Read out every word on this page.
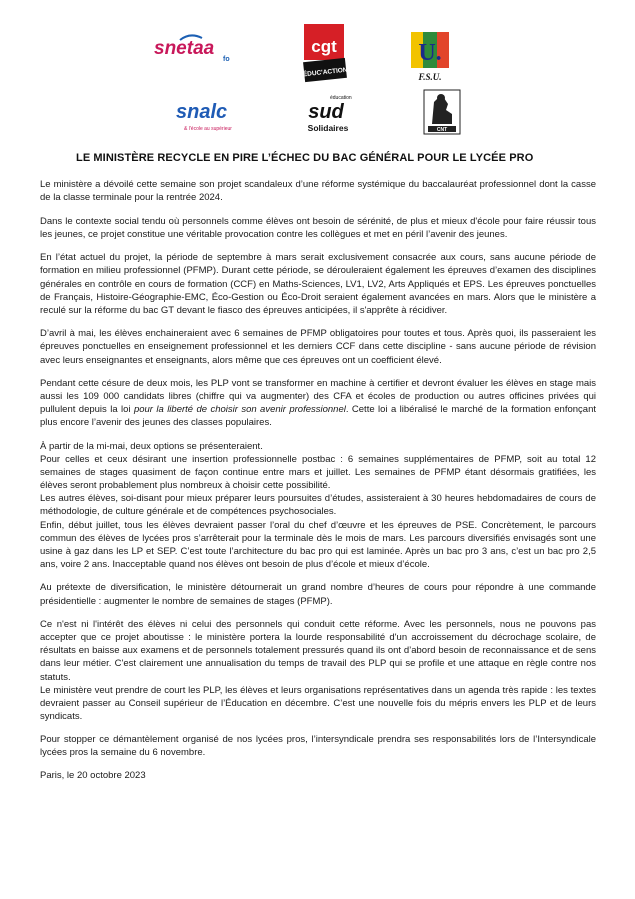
snetaa
fo
cgt
ÉDUC'ACTION
U.
F.S.U.
snalc
& l'école au supérieur
éducation
sud
Solidaires	CNT
LE MINISTÈRE RECYCLE EN PIRE L’ÉCHEC DU BAC GÉNÉRAL POUR LE LYCÉE PRO

Le ministère a dévoilé cette semaine son projet scandaleux d’une réforme systémique du baccalauréat professionnel dont la casse de la classe terminale pour la rentrée 2024.

Dans le contexte social tendu où personnels comme élèves ont besoin de sérénité, de plus et mieux d'école pour faire réussir tous les jeunes, ce projet constitue une véritable provocation contre les collègues et met en péril l’avenir des jeunes.

En l’état actuel du projet, la période de septembre à mars serait exclusivement consacrée aux cours, sans aucune période de formation en milieu professionnel (PFMP). Durant cette période, se dérouleraient également les épreuves d’examen des disciplines générales en contrôle en cours de formation (CCF) en Maths-Sciences, LV1, LV2, Arts Appliqués et EPS. Les épreuves ponctuelles de Français, Histoire-Géographie-EMC, Éco-Gestion ou Éco-Droit seraient également avancées en mars. Alors que le ministère a reculé sur la réforme du bac GT devant le fiasco des épreuves anticipées, il s'apprête à récidiver.

D’avril à mai, les élèves enchaineraient avec 6 semaines de PFMP obligatoires pour toutes et tous. Après quoi, ils passeraient les épreuves ponctuelles en enseignement professionnel et les derniers CCF dans cette discipline - sans aucune période de révision avec leurs enseignantes et enseignants, alors même que ces épreuves ont un coefficient élevé.

Pendant cette césure de deux mois, les PLP vont se transformer en machine à certifier et devront évaluer les élèves en stage mais aussi les 109 000 candidats libres (chiffre qui va augmenter) des CFA et écoles de production ou autres officines privées qui pullulent depuis la loi pour la liberté de choisir son avenir professionnel. Cette loi a libéralisé le marché de la formation enfonçant plus encore l’avenir des jeunes des classes populaires.

À partir de la mi-mai, deux options se présenteraient.

Pour celles et ceux désirant une insertion professionnelle postbac : 6 semaines supplémentaires de PFMP, soit au total 12 semaines de stages quasiment de façon continue entre mars et juillet. Les semaines de PFMP étant désormais gratifiées, les élèves seront probablement plus nombreux à choisir cette possibilité.

Les autres élèves, soi-disant pour mieux préparer leurs poursuites d’études, assisteraient à 30 heures hebdomadaires de cours de méthodologie, de culture générale et de compétences psychosociales.

Enfin, début juillet, tous les élèves devraient passer l’oral du chef d’œuvre et les épreuves de PSE. Concrètement, le parcours commun des élèves de lycées pros s’arrêterait pour la terminale dès le mois de mars. Les parcours diversifiés envisagés sont une usine à gaz dans les LP et SEP. C’est toute l’architecture du bac pro qui est laminée. Après un bac pro 3 ans, c’est un bac pro 2,5 ans, voire 2 ans. Inacceptable quand nos élèves ont besoin de plus d’école et mieux d’école.

Au prétexte de diversification, le ministère détournerait un grand nombre d’heures de cours pour répondre à une commande présidentielle : augmenter le nombre de semaines de stages (PFMP).

Ce n'est ni l'intérêt des élèves ni celui des personnels qui conduit cette réforme. Avec les personnels, nous ne pouvons pas accepter que ce projet aboutisse : le ministère portera la lourde responsabilité d'un accroissement du décrochage scolaire, de résultats en baisse aux examens et de personnels totalement pressurés quand ils ont d’abord besoin de reconnaissance et de sens dans leur métier. C'est clairement une annualisation du temps de travail des PLP qui se profile et une attaque en règle contre nos statuts.

Le ministère veut prendre de court les PLP, les élèves et leurs organisations représentatives dans un agenda très rapide : les textes devraient passer au Conseil supérieur de l’Éducation en décembre. C’est une nouvelle fois du mépris envers les PLP et de leurs syndicats.

Pour stopper ce démantèlement organisé de nos lycées pros, l’intersyndicale prendra ses responsabilités lors de l’Intersyndicale lycées pros la semaine du 6 novembre.

Paris, le 20 octobre 2023
